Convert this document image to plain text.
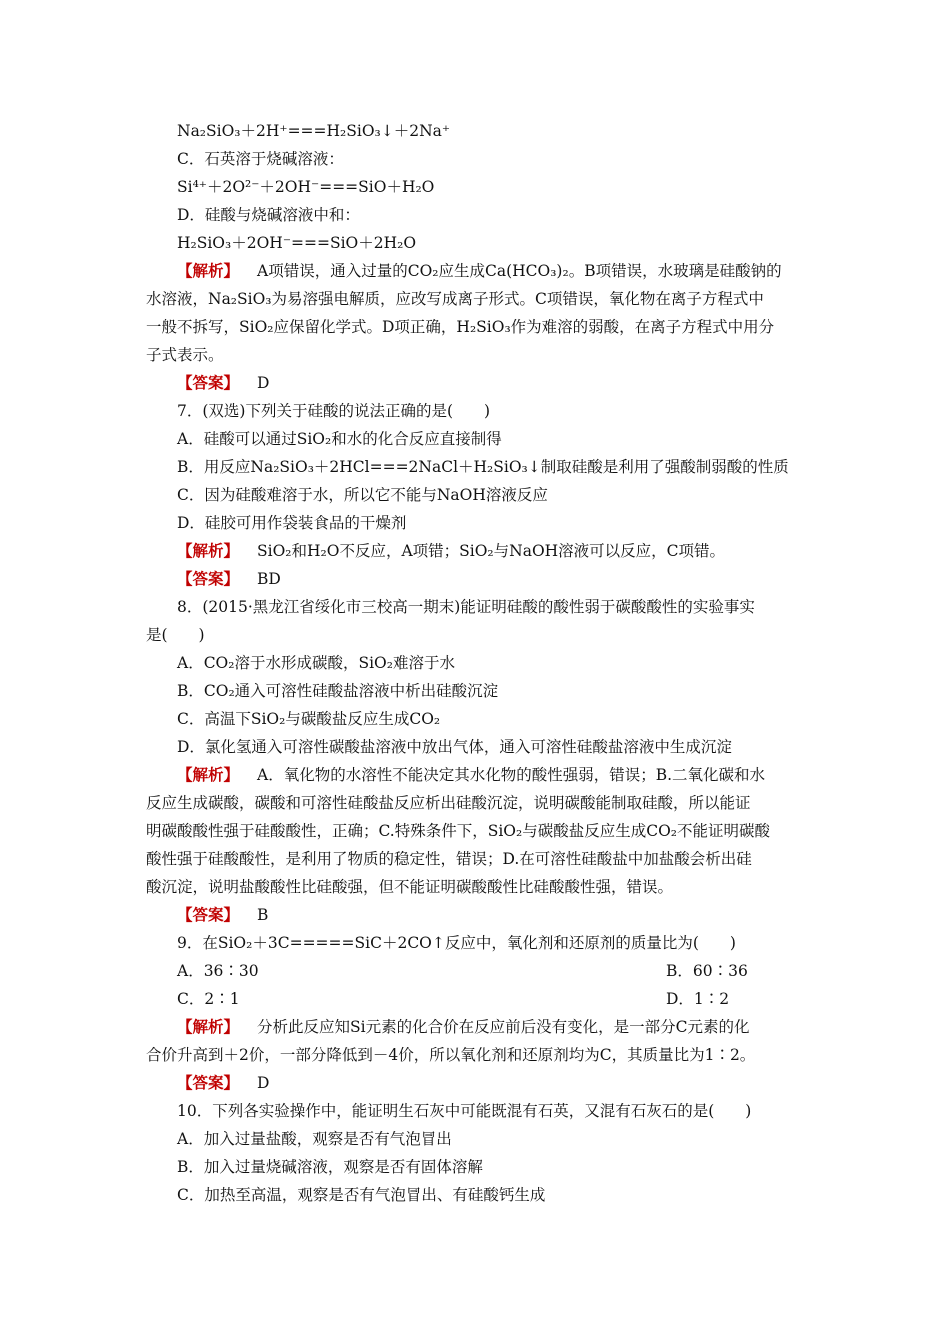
Na₂SiO₃＋2H⁺===H₂SiO₃↓＋2Na⁺
C．石英溶于烧碱溶液：
Si⁴⁺＋2O²⁻＋2OH⁻===SiO＋H₂O
D．硅酸与烧碱溶液中和：
H₂SiO₃＋2OH⁻===SiO＋2H₂O
【解析】 A项错误，通入过量的CO₂应生成Ca(HCO₃)₂。B项错误，水玻璃是硅酸钠的
水溶液，Na₂SiO₃为易溶强电解质，应改写成离子形式。C项错误，氧化物在离子方程式中
一般不拆写，SiO₂应保留化学式。D项正确，H₂SiO₃作为难溶的弱酸，在离子方程式中用分
子式表示。
【答案】 D
7．(双选)下列关于硅酸的说法正确的是(　　)
A．硅酸可以通过SiO₂和水的化合反应直接制得
B．用反应Na₂SiO₃＋2HCl===2NaCl＋H₂SiO₃↓制取硅酸是利用了强酸制弱酸的性质
C．因为硅酸难溶于水，所以它不能与NaOH溶液反应
D．硅胶可用作袋装食品的干燥剂
【解析】 SiO₂和H₂O不反应，A项错；SiO₂与NaOH溶液可以反应，C项错。
【答案】 BD
8．(2015·黑龙江省绥化市三校高一期末)能证明硅酸的酸性弱于碳酸酸性的实验事实
是(　　)
A．CO₂溶于水形成碳酸，SiO₂难溶于水
B．CO₂通入可溶性硅酸盐溶液中析出硅酸沉淀
C．高温下SiO₂与碳酸盐反应生成CO₂
D．氯化氢通入可溶性碳酸盐溶液中放出气体，通入可溶性硅酸盐溶液中生成沉淀
【解析】 A．氧化物的水溶性不能决定其水化物的酸性强弱，错误；B.二氧化碳和水
反应生成碳酸，碳酸和可溶性硅酸盐反应析出硅酸沉淀，说明碳酸能制取硅酸，所以能证
明碳酸酸性强于硅酸酸性，正确；C.特殊条件下，SiO₂与碳酸盐反应生成CO₂不能证明碳酸
酸性强于硅酸酸性，是利用了物质的稳定性，错误；D.在可溶性硅酸盐中加盐酸会析出硅
酸沉淀，说明盐酸酸性比硅酸强，但不能证明碳酸酸性比硅酸酸性强，错误。
【答案】 B
9．在SiO₂＋3C=====SiC＋2CO↑反应中，氧化剂和还原剂的质量比为(　　)
A．36∶30	B．60∶36
C．2∶1	D．1∶2
【解析】 分析此反应知Si元素的化合价在反应前后没有变化，是一部分C元素的化
合价升高到＋2价，一部分降低到－4价，所以氧化剂和还原剂均为C，其质量比为1∶2。
【答案】 D
10．下列各实验操作中，能证明生石灰中可能既混有石英，又混有石灰石的是(　　)
A．加入过量盐酸，观察是否有气泡冒出
B．加入过量烧碱溶液，观察是否有固体溶解
C．加热至高温，观察是否有气泡冒出、有硅酸钙生成
